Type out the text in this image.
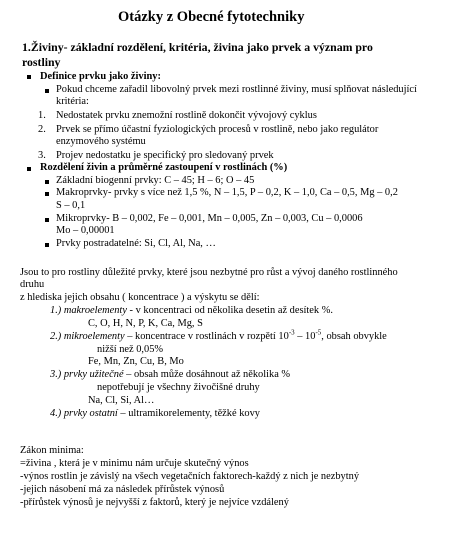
Otázky z Obecné fytotechniky
1.Živiny- základní rozdělení, kritéria, živina jako prvek a význam pro
rostliny
Definice prvku jako živiny:
Pokud chceme zařadil libovolný prvek mezi rostlinné živiny, musí splňovat následující
kritéria:
1. Nedostatek prvku znemožní rostlině dokončit vývojový cyklus
2. Prvek se přímo účastní fyziologických procesů v rostlině, nebo jako regulátor
enzymového systému
3. Projev nedostatku je specifický pro sledovaný prvek
Rozdělení živin a průměrné zastoupení v rostlinách (%)
Základní biogenní prvky: C – 45; H – 6; O – 45
Makroprvky- prvky s více než 1,5 %, N – 1,5, P – 0,2, K – 1,0, Ca – 0,5, Mg – 0,2
S – 0,1
Mikroprvky- B – 0,002, Fe – 0,001, Mn – 0,005, Zn – 0,003, Cu – 0,0006
Mo – 0,00001
Prvky postradatelné: Si, Cl, Al, Na, …
Jsou to pro rostliny důležité prvky, které jsou nezbytné pro růst a vývoj daného rostlinného
druhu
z hlediska jejich obsahu ( koncentrace ) a výskytu se dělí:
1.) makroelementy - v koncentraci od několika desetin až desítek %.
C, O, H, N, P, K, Ca, Mg, S
2.) mikroelementy – koncentrace v rostlinách v rozpětí $10^{-3} - 10^{-5}$, obsah obvykle
nižší než 0,05%
Fe, Mn, Zn, Cu, B, Mo
3.) prvky užitečné – obsah může dosáhnout až několika %
nepotřebují je všechny živočišné druhy
Na, Cl, Si, Al…
4.) prvky ostatní – ultramikorelementy, těžké kovy
Zákon minima:
=živina , která je v minimu nám určuje skutečný výnos
-výnos rostlin je závislý na všech vegetačních faktorech-každý z nich je nezbytný
-jejich násobení má za následek přírůstek výnosů
-přírůstek výnosů je nejvyšší z faktorů, který je nejvíce vzdálený
